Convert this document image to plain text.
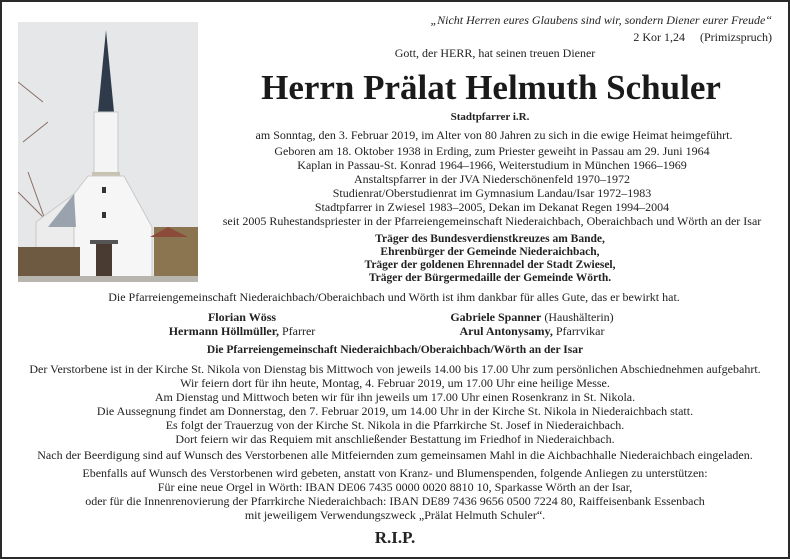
„Nicht Herren eures Glaubens sind wir, sondern Diener eurer Freude“
2 Kor 1,24 (Primizspruch)
Gott, der HERR, hat seinen treuen Diener
Herrn Prälat Helmuth Schuler
Stadtpfarrer i.R.
am Sonntag, den 3. Februar 2019, im Alter von 80 Jahren zu sich in die ewige Heimat heimgeführt.
Geboren am 18. Oktober 1938 in Erding, zum Priester geweiht in Passau am 29. Juni 1964
Kaplan in Passau-St. Konrad 1964–1966, Weiterstudium in München 1966–1969
Anstaltspfarrer in der JVA Niederschönenfeld 1970–1972
Studienrat/Oberstudienrat im Gymnasium Landau/Isar 1972–1983
Stadtpfarrer in Zwiesel 1983–2005, Dekan im Dekanat Regen 1994–2004
seit 2005 Ruhestandspriester in der Pfarreiengemeinschaft Niederaichbach, Oberaichbach und Wörth an der Isar
Träger des Bundesverdienstkreuzes am Bande,
Ehrenbürger der Gemeinde Niederaichbach,
Träger der goldenen Ehrennadel der Stadt Zwiesel,
Träger der Bürgermedaille der Gemeinde Wörth.
Die Pfarreiengemeinschaft Niederaichbach/Oberaichbach und Wörth ist ihm dankbar für alles Gute, das er bewirkt hat.
Florian Wöss
Hermann Höllmüller, Pfarrer
Gabriele Spanner (Haushälterin)
Arul Antonysamy, Pfarrvikar
Die Pfarreiengemeinschaft Niederaichbach/Oberaichbach/Wörth an der Isar
Der Verstorbene ist in der Kirche St. Nikola von Dienstag bis Mittwoch von jeweils 14.00 bis 17.00 Uhr zum persönlichen Abschiednehmen aufgebahrt.
Wir feiern dort für ihn heute, Montag, 4. Februar 2019, um 17.00 Uhr eine heilige Messe.
Am Dienstag und Mittwoch beten wir für ihn jeweils um 17.00 Uhr einen Rosenkranz in St. Nikola.
Die Aussegnung findet am Donnerstag, den 7. Februar 2019, um 14.00 Uhr in der Kirche St. Nikola in Niederaichbach statt.
Es folgt der Trauerzug von der Kirche St. Nikola in die Pfarrkirche St. Josef in Niederaichbach.
Dort feiern wir das Requiem mit anschließender Bestattung im Friedhof in Niederaichbach.
Nach der Beerdigung sind auf Wunsch des Verstorbenen alle Mitfeiernden zum gemeinsamen Mahl in die Aichbachhalle Niederaichbach eingeladen.
Ebenfalls auf Wunsch des Verstorbenen wird gebeten, anstatt von Kranz- und Blumenspenden, folgende Anliegen zu unterstützen:
Für eine neue Orgel in Wörth: IBAN DE06 7435 0000 0020 8810 10, Sparkasse Wörth an der Isar,
oder für die Innenrenovierung der Pfarrkirche Niederaichbach: IBAN DE89 7436 9656 0500 7224 80, Raiffeisenbank Essenbach
mit jeweiligem Verwendungszweck „Prälat Helmuth Schuler“.
R.I.P.
